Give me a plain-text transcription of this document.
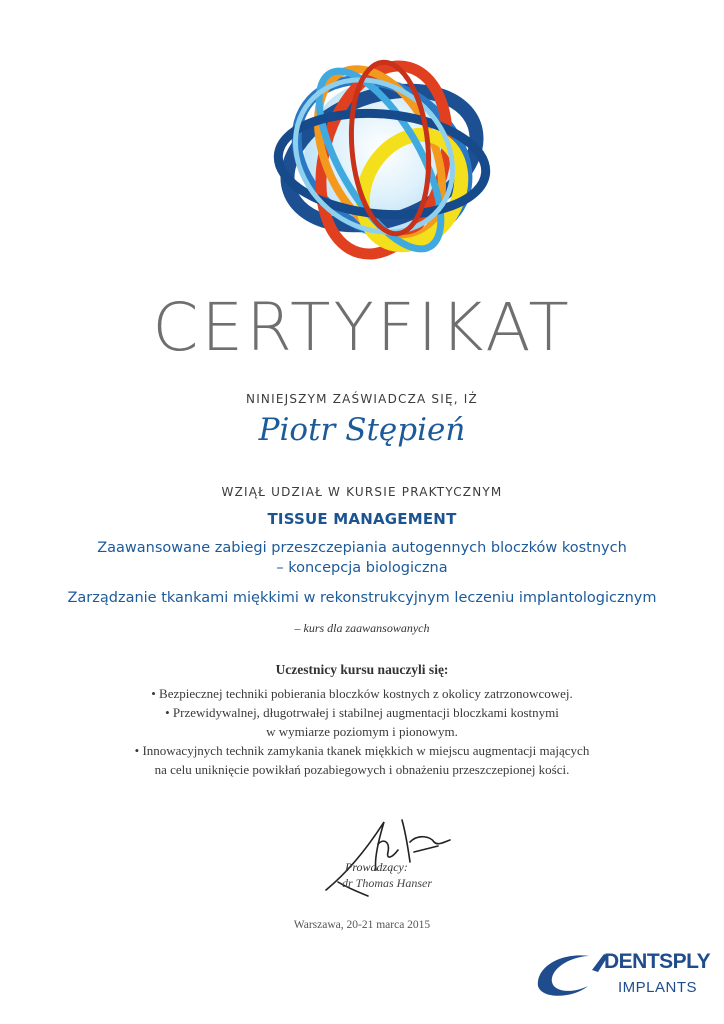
CERTYFIKAT
NINIEJSZYM ZAŚWIADCZA SIĘ, IŻ
Piotr Stępień
WZIĄŁ UDZIAŁ W KURSIE PRAKTYCZNYM
TISSUE MANAGEMENT
Zaawansowane zabiegi przeszczepiania autogennych bloczków kostnych
– koncepcja biologiczna
Zarządzanie tkankami miękkimi w rekonstrukcyjnym leczeniu implantologicznym
– kurs dla zaawansowanych
Uczestnicy kursu nauczyli się:
• Bezpiecznej techniki pobierania bloczków kostnych z okolicy zatrzonowcowej.
• Przewidywalnej, długotrwałej i stabilnej augmentacji bloczkami kostnymi
w wymiarze poziomym i pionowym.
• Innowacyjnych technik zamykania tkanek miękkich w miejscu augmentacji mających
na celu uniknięcie powikłań pozabiegowych i obnażeniu przeszczepionej kości.
Prowadzący:
dr Thomas Hanser
Warszawa, 20-21 marca 2015
DENTSPLY
IMPLANTS
